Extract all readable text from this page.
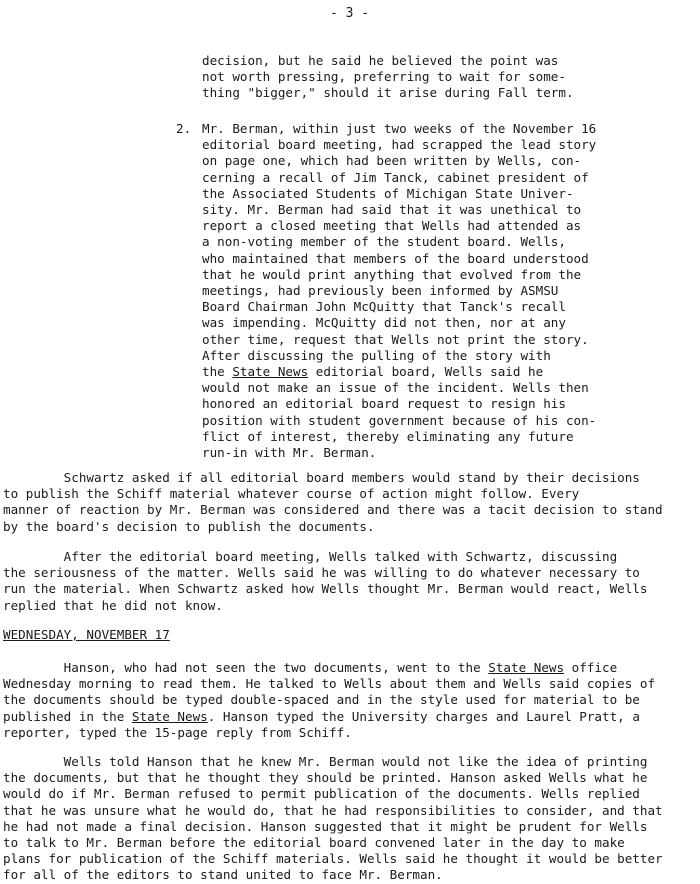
- 3 -

decision, but he said he believed the point was
not worth pressing, preferring to wait for some-
thing "bigger," should it arise during Fall term.

2.

Mr. Berman, within just two weeks of the November 16
editorial board meeting, had scrapped the lead story
on page one, which had been written by Wells, con-
cerning a recall of Jim Tanck, cabinet president of
the Associated Students of Michigan State Univer-
sity. Mr. Berman had said that it was unethical to
report a closed meeting that Wells had attended as
a non-voting member of the student board. Wells,
who maintained that members of the board understood
that he would print anything that evolved from the
meetings, had previously been informed by ASMSU
Board Chairman John McQuitty that Tanck's recall
was impending. McQuitty did not then, nor at any
other time, request that Wells not print the story.
After discussing the pulling of the story with
the State News editorial board, Wells said he
would not make an issue of the incident. Wells then
honored an editorial board request to resign his
position with student government because of his con-
flict of interest, thereby eliminating any future
run-in with Mr. Berman.

Schwartz asked if all editorial board members would stand by their decisions
to publish the Schiff material whatever course of action might follow. Every
manner of reaction by Mr. Berman was considered and there was a tacit decision to stand
by the board's decision to publish the documents.

After the editorial board meeting, Wells talked with Schwartz, discussing
the seriousness of the matter. Wells said he was willing to do whatever necessary to
run the material. When Schwartz asked how Wells thought Mr. Berman would react, Wells
replied that he did not know.

WEDNESDAY, NOVEMBER 17

Hanson, who had not seen the two documents, went to the State News office
Wednesday morning to read them. He talked to Wells about them and Wells said copies of
the documents should be typed double-spaced and in the style used for material to be
published in the State News. Hanson typed the University charges and Laurel Pratt, a
reporter, typed the 15-page reply from Schiff.

Wells told Hanson that he knew Mr. Berman would not like the idea of printing
the documents, but that he thought they should be printed. Hanson asked Wells what he
would do if Mr. Berman refused to permit publication of the documents. Wells replied
that he was unsure what he would do, that he had responsibilities to consider, and that
he had not made a final decision. Hanson suggested that it might be prudent for Wells
to talk to Mr. Berman before the editorial board convened later in the day to make
plans for publication of the Schiff materials. Wells said he thought it would be better
for all of the editors to stand united to face Mr. Berman.
